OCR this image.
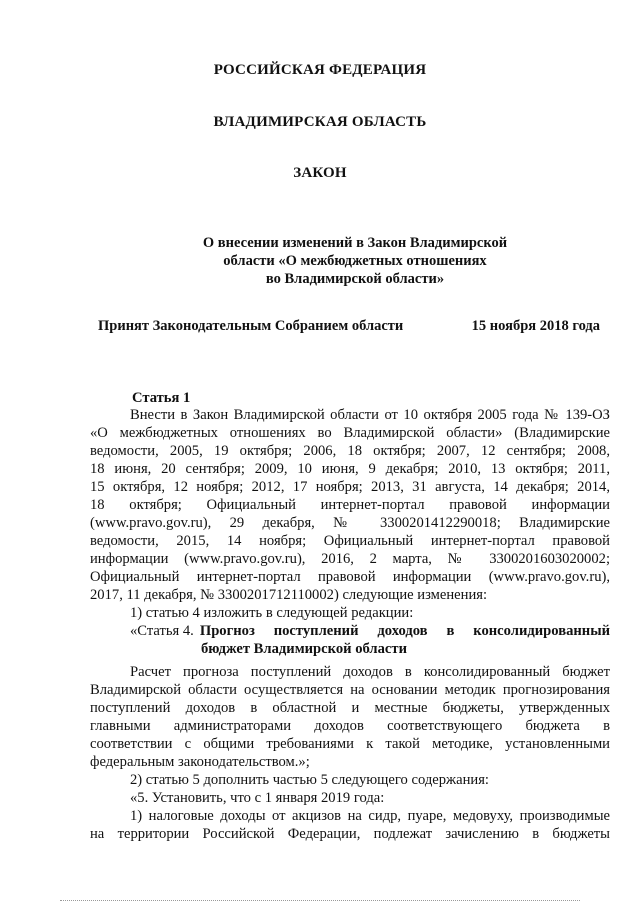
РОССИЙСКАЯ ФЕДЕРАЦИЯ
ВЛАДИМИРСКАЯ ОБЛАСТЬ
ЗАКОН
О внесении изменений в Закон Владимирской
области «О межбюджетных отношениях
во Владимирской области»
Принят Законодательным Собранием области	15 ноября 2018 года
Статья 1
Внести в Закон Владимирской области от 10 октября 2005 года № 139-ОЗ
«О межбюджетных отношениях во Владимирской области» (Владимирские
ведомости, 2005, 19 октября; 2006, 18 октября; 2007, 12 сентября; 2008,
18 июня, 20 сентября; 2009, 10 июня, 9 декабря; 2010, 13 октября; 2011,
15 октября, 12 ноября; 2012, 17 ноября; 2013, 31 августа, 14 декабря; 2014,
18 октября; Официальный интернет-портал правовой информации
(www.pravo.gov.ru), 29 декабря, № 3300201412290018; Владимирские
ведомости, 2015, 14 ноября; Официальный интернет-портал правовой
информации (www.pravo.gov.ru), 2016, 2 марта, № 3300201603020002;
Официальный интернет-портал правовой информации (www.pravo.gov.ru),
2017, 11 декабря, № 3300201712110002) следующие изменения:
1) статью 4 изложить в следующей редакции:
«Статья 4. Прогноз поступлений доходов в консолидированный
бюджет Владимирской области
Расчет прогноза поступлений доходов в консолидированный бюджет
Владимирской области осуществляется на основании методик прогнозирования
поступлений доходов в областной и местные бюджеты, утвержденных
главными администраторами доходов соответствующего бюджета в
соответствии с общими требованиями к такой методике, установленными
федеральным законодательством.»;
2) статью 5 дополнить частью 5 следующего содержания:
«5. Установить, что с 1 января 2019 года:
1) налоговые доходы от акцизов на сидр, пуаре, медовуху, производимые
на территории Российской Федерации, подлежат зачислению в бюджеты
